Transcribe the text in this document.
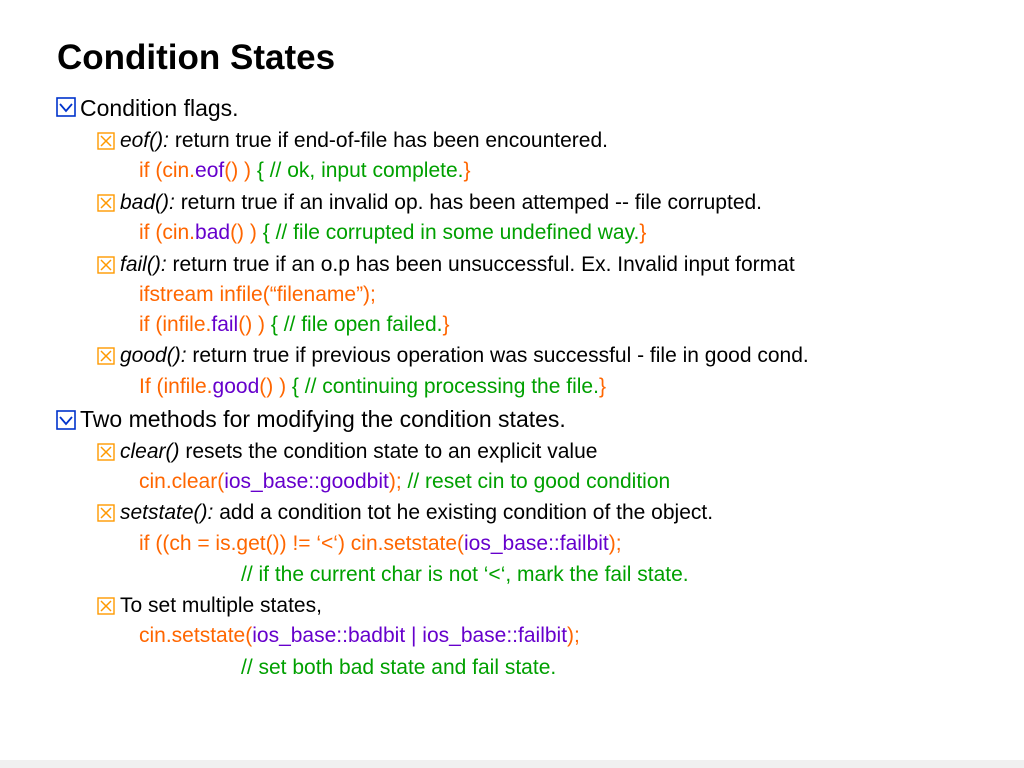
Condition States
Condition flags.
eof(): return true if end-of-file has been encountered.
if (cin.eof() ) { // ok, input complete.}
bad(): return true if an invalid op. has been attemped -- file corrupted.
if (cin.bad() ) { // file corrupted in some undefined way.}
fail(): return true if an o.p has been unsuccessful. Ex. Invalid input format
ifstream infile(“filename”);
if (infile.fail() ) { // file open failed.}
good(): return true if previous operation was successful - file in good cond.
If (infile.good() ) { // continuing processing the file.}
Two methods for modifying the condition states.
clear() resets the condition state to an explicit value
cin.clear(ios_base::goodbit); // reset cin to good condition
setstate(): add a condition tot he existing condition of the object.
if ((ch = is.get()) != ‘<‘) cin.setstate(ios_base::failbit);
// if the current char is not ‘<‘, mark the fail state.
To set multiple states,
cin.setstate(ios_base::badbit | ios_base::failbit);
// set both bad state and fail state.
